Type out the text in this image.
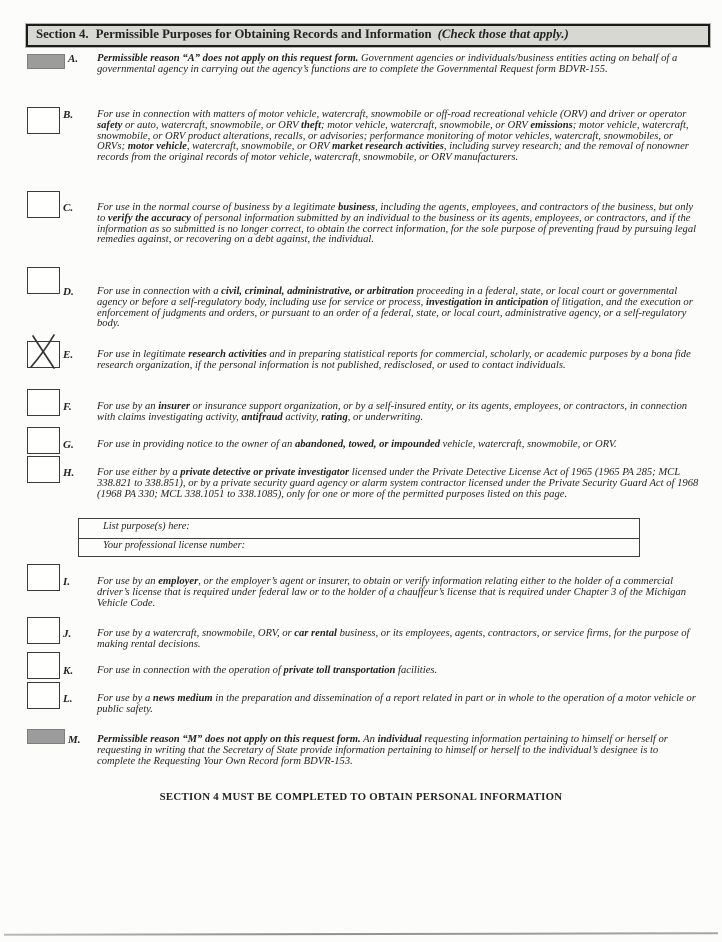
Section 4. Permissible Purposes for Obtaining Records and Information (Check those that apply.)
A. Permissible reason “A” does not apply on this request form. Government agencies or individuals/business entities acting on behalf of a governmental agency in carrying out the agency’s functions are to complete the Governmental Request form BDVR-155.
B. For use in connection with matters of motor vehicle, watercraft, snowmobile or off-road recreational vehicle (ORV) and driver or operator safety or auto, watercraft, snowmobile, or ORV theft; motor vehicle, watercraft, snowmobile, or ORV emissions; motor vehicle, watercraft, snowmobile, or ORV product alterations, recalls, or advisories; performance monitoring of motor vehicles, watercraft, snowmobiles, or ORVs; motor vehicle, watercraft, snowmobile, or ORV market research activities, including survey research; and the removal of nonowner records from the original records of motor vehicle, watercraft, snowmobile, or ORV manufacturers.
C. For use in the normal course of business by a legitimate business, including the agents, employees, and contractors of the business, but only to verify the accuracy of personal information submitted by an individual to the business or its agents, employees, or contractors, and if the information as so submitted is no longer correct, to obtain the correct information, for the sole purpose of preventing fraud by pursuing legal remedies against, or recovering on a debt against, the individual.
D. For use in connection with a civil, criminal, administrative, or arbitration proceeding in a federal, state, or local court or governmental agency or before a self-regulatory body, including use for service or process, investigation in anticipation of litigation, and the execution or enforcement of judgments and orders, or pursuant to an order of a federal, state, or local court, administrative agency, or a self-regulatory body.
E. For use in legitimate research activities and in preparing statistical reports for commercial, scholarly, or academic purposes by a bona fide research organization, if the personal information is not published, redisclosed, or used to contact individuals.
F. For use by an insurer or insurance support organization, or by a self-insured entity, or its agents, employees, or contractors, in connection with claims investigating activity, antifraud activity, rating, or underwriting.
G. For use in providing notice to the owner of an abandoned, towed, or impounded vehicle, watercraft, snowmobile, or ORV.
H. For use either by a private detective or private investigator licensed under the Private Detective License Act of 1965 (1965 PA 285; MCL 338.821 to 338.851), or by a private security guard agency or alarm system contractor licensed under the Private Security Guard Act of 1968 (1968 PA 330; MCL 338.1051 to 338.1085), only for one or more of the permitted purposes listed on this page.
List purpose(s) here:
Your professional license number:
I.	For use by an employer, or the employer’s agent or insurer, to obtain or verify information relating either to the holder of a commercial driver’s license that is required under federal law or to the holder of a chauffeur’s license that is required under Chapter 3 of the Michigan Vehicle Code.
J. For use by a watercraft, snowmobile, ORV, or car rental business, or its employees, agents, contractors, or service firms, for the purpose of making rental decisions.
K. For use in connection with the operation of private toll transportation facilities.
L. For use by a news medium in the preparation and dissemination of a report related in part or in whole to the operation of a motor vehicle or public safety.
M. Permissible reason “M” does not apply on this request form. An individual requesting information pertaining to himself or herself or requesting in writing that the Secretary of State provide information pertaining to himself or herself to the individual’s designee is to complete the Requesting Your Own Record form BDVR-153.
SECTION 4 MUST BE COMPLETED TO OBTAIN PERSONAL INFORMATION
